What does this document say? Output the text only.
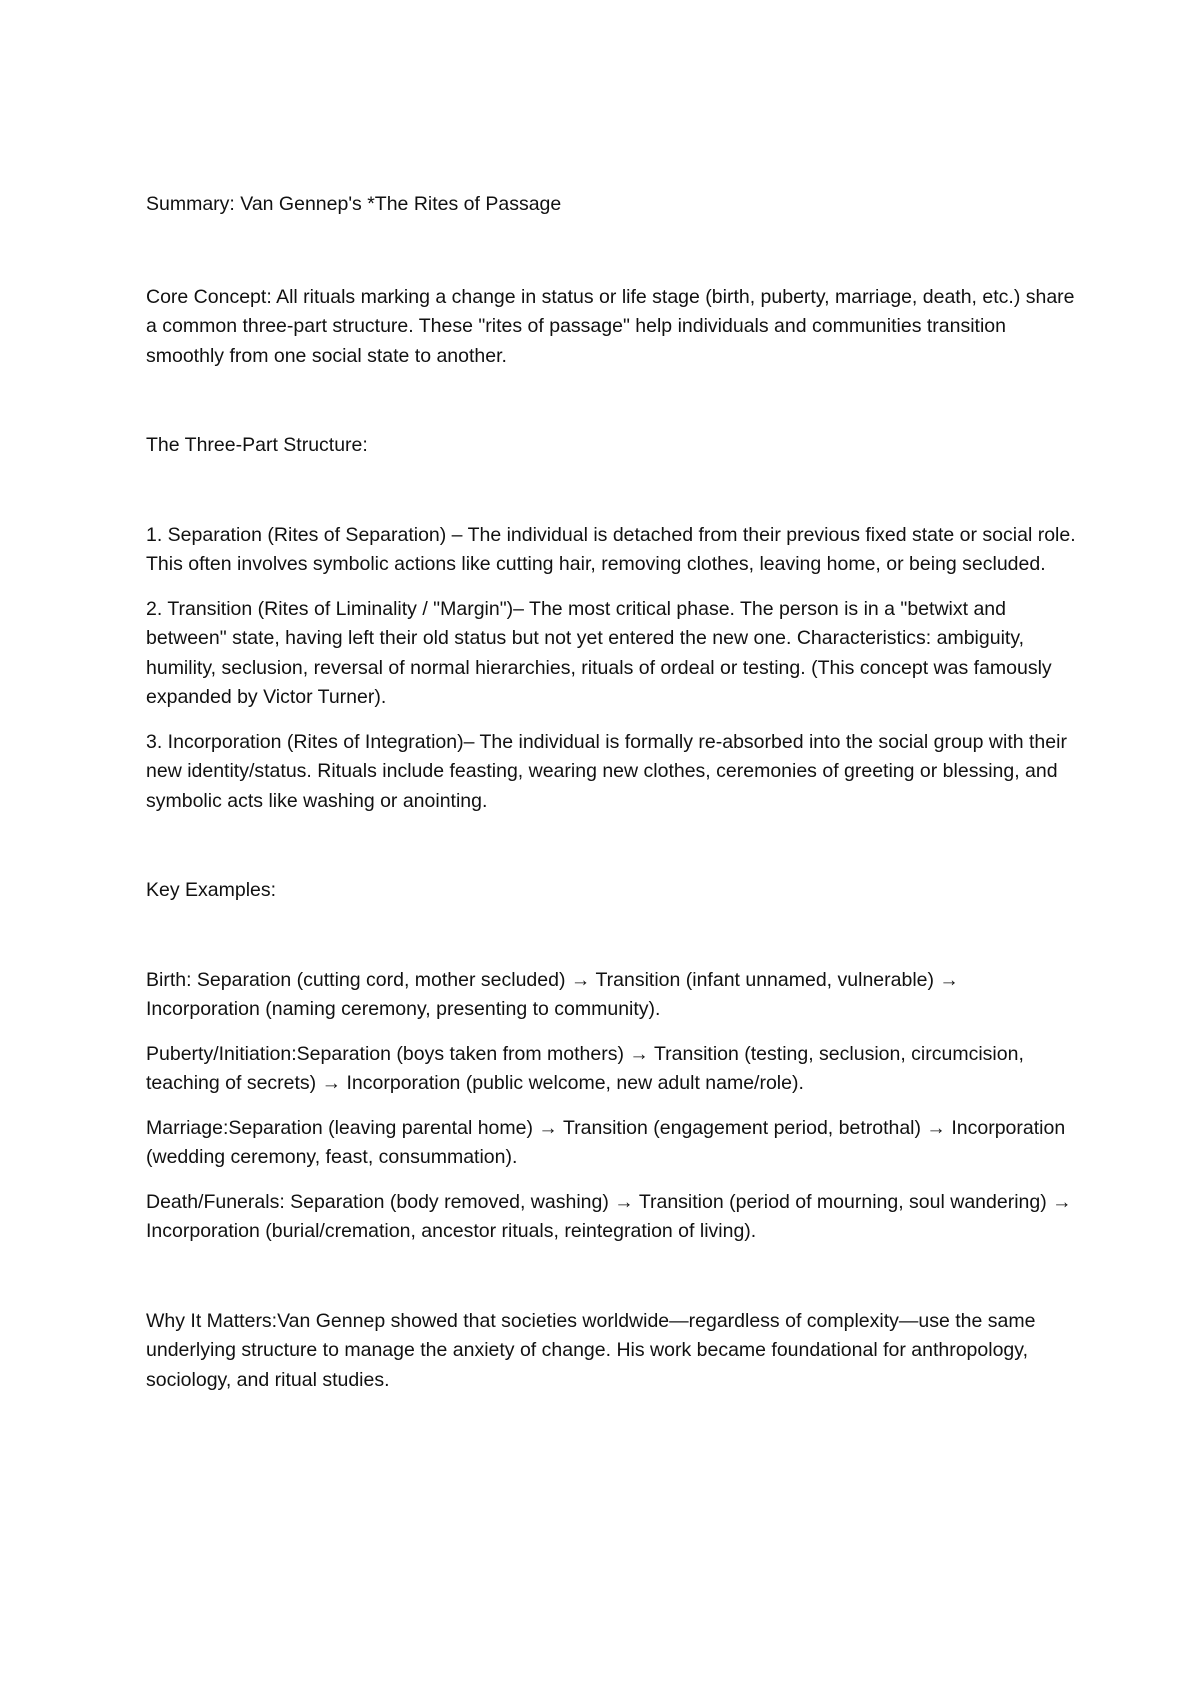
Summary: Van Gennep's *The Rites of Passage

Core Concept: All rituals marking a change in status or life stage (birth, puberty, marriage, death, etc.) share a common three-part structure. These "rites of passage" help individuals and communities transition smoothly from one social state to another.

The Three-Part Structure:

1. Separation (Rites of Separation) – The individual is detached from their previous fixed state or social role. This often involves symbolic actions like cutting hair, removing clothes, leaving home, or being secluded.

2. Transition (Rites of Liminality / "Margin")– The most critical phase. The person is in a "betwixt and between" state, having left their old status but not yet entered the new one. Characteristics: ambiguity, humility, seclusion, reversal of normal hierarchies, rituals of ordeal or testing. (This concept was famously expanded by Victor Turner).

3. Incorporation (Rites of Integration)– The individual is formally re-absorbed into the social group with their new identity/status. Rituals include feasting, wearing new clothes, ceremonies of greeting or blessing, and symbolic acts like washing or anointing.

Key Examples:

Birth: Separation (cutting cord, mother secluded) → Transition (infant unnamed, vulnerable) → Incorporation (naming ceremony, presenting to community).

Puberty/Initiation:Separation (boys taken from mothers) → Transition (testing, seclusion, circumcision, teaching of secrets) → Incorporation (public welcome, new adult name/role).

Marriage:Separation (leaving parental home) → Transition (engagement period, betrothal) → Incorporation (wedding ceremony, feast, consummation).

Death/Funerals: Separation (body removed, washing) → Transition (period of mourning, soul wandering) → Incorporation (burial/cremation, ancestor rituals, reintegration of living).

Why It Matters:Van Gennep showed that societies worldwide—regardless of complexity—use the same underlying structure to manage the anxiety of change. His work became foundational for anthropology, sociology, and ritual studies.
